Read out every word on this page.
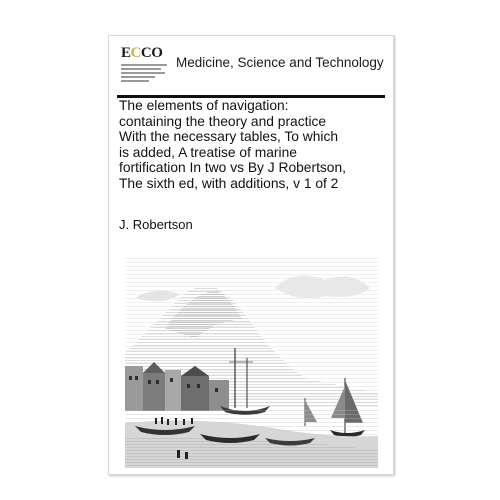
ECCO
Medicine, Science and Technology
The elements of navigation:
containing the theory and practice
With the necessary tables, To which
is added, A treatise of marine
fortification In two vs By J Robertson,
The sixth ed, with additions, v 1 of 2
J. Robertson
